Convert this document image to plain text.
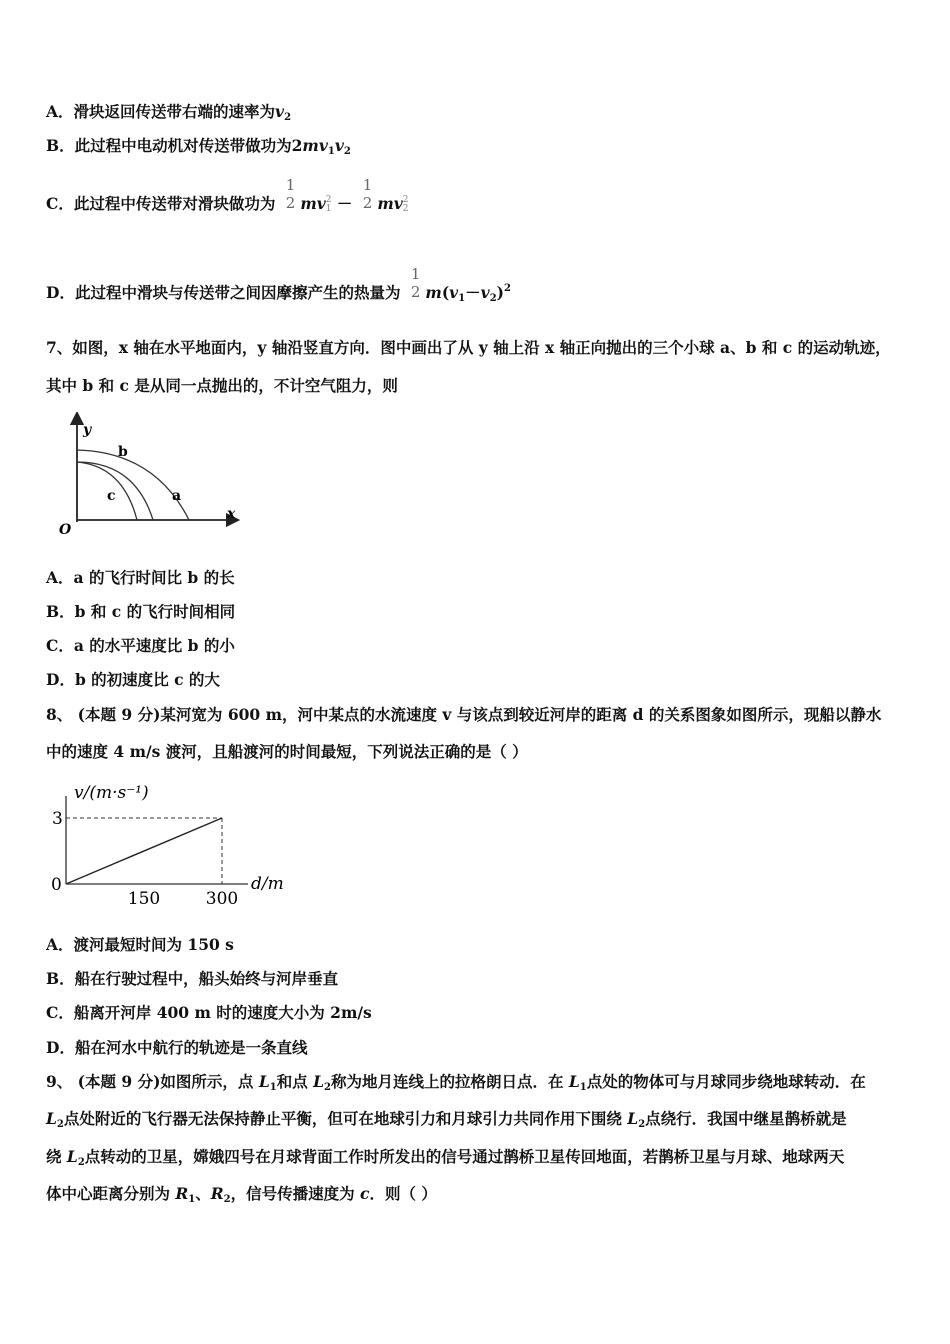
A．滑块返回传送带右端的速率为$v_2$
B．此过程中电动机对传送带做功为$2mv_1v_2$
C．此过程中传送带对滑块做功为
1
2 mv2
1 －
1
2 mv2
2
D．此过程中滑块与传送带之间因摩擦产生的热量为
1
2 $m(v_1-v_2)^2$
7、如图，x 轴在水平地面内，y 轴沿竖直方向．图中画出了从 y 轴上沿 x 轴正向抛出的三个小球 a、b 和 c 的运动轨迹，
其中 b 和 c 是从同一点抛出的，不计空气阻力，则
y
x
O
b
c	a
A．a 的飞行时间比 b 的长
B．b 和 c 的飞行时间相同
C．a 的水平速度比 b 的小
D．b 的初速度比 c 的大
8、 (本题 9 分)某河宽为 600 m，河中某点的水流速度 v 与该点到较近河岸的距离 d 的关系图象如图所示，现船以静水
中的速度 4 m/s 渡河，且船渡河的时间最短，下列说法正确的是（ ）
v/(m·s⁻¹)
d/m
3
0
150	300
A．渡河最短时间为 150 s
B．船在行驶过程中，船头始终与河岸垂直
C．船离开河岸 400 m 时的速度大小为 2m/s
D．船在河水中航行的轨迹是一条直线
9、 (本题 9 分)如图所示，点 $L_1$和点 $L_2$称为地月连线上的拉格朗日点．在 $L_1$点处的物体可与月球同步绕地球转动．在
$L_2$点处附近的飞行器无法保持静止平衡，但可在地球引力和月球引力共同作用下围绕 $L_2$点绕行．我国中继星鹊桥就是
绕 $L_2$点转动的卫星，嫦娥四号在月球背面工作时所发出的信号通过鹊桥卫星传回地面，若鹊桥卫星与月球、地球两天
体中心距离分别为 $R_1$、$R_2$，信号传播速度为 c．则（ ）
